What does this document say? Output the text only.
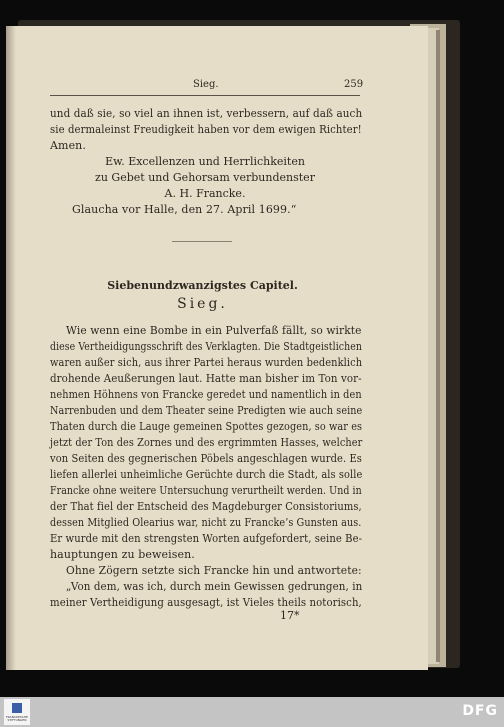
Sieg.	259
und daß sie, so viel an ihnen ist, verbessern, auf daß auch
sie dermaleinst Freudigkeit haben vor dem ewigen Richter!
Amen.
Ew. Excellenzen und Herrlichkeiten
zu Gebet und Gehorsam verbundenster
A. H. Francke.
Glaucha vor Halle, den 27. April 1699.“
Siebenundzwanzigstes Capitel.
Sieg.
Wie wenn eine Bombe in ein Pulverfaß fällt, so wirkte
diese Vertheidigungsschrift des Verklagten. Die Stadtgeistlichen
waren außer sich, aus ihrer Partei heraus wurden bedenklich
drohende Aeußerungen laut. Hatte man bisher im Ton vor-
nehmen Höhnens von Francke geredet und namentlich in den
Narrenbuden und dem Theater seine Predigten wie auch seine
Thaten durch die Lauge gemeinen Spottes gezogen, so war es
jetzt der Ton des Zornes und des ergrimmten Hasses, welcher
von Seiten des gegnerischen Pöbels angeschlagen wurde. Es
liefen allerlei unheimliche Gerüchte durch die Stadt, als solle
Francke ohne weitere Untersuchung verurtheilt werden. Und in
der That fiel der Entscheid des Magdeburger Consistoriums,
dessen Mitglied Olearius war, nicht zu Francke’s Gunsten aus.
Er wurde mit den strengsten Worten aufgefordert, seine Be-
hauptungen zu beweisen.
Ohne Zögern setzte sich Francke hin und antwortete:
„Von dem, was ich, durch mein Gewissen gedrungen, in
meiner Vertheidigung ausgesagt, ist Vieles theils notorisch,
17*
FRANCKESCHE STIFTUNGEN
DFG
